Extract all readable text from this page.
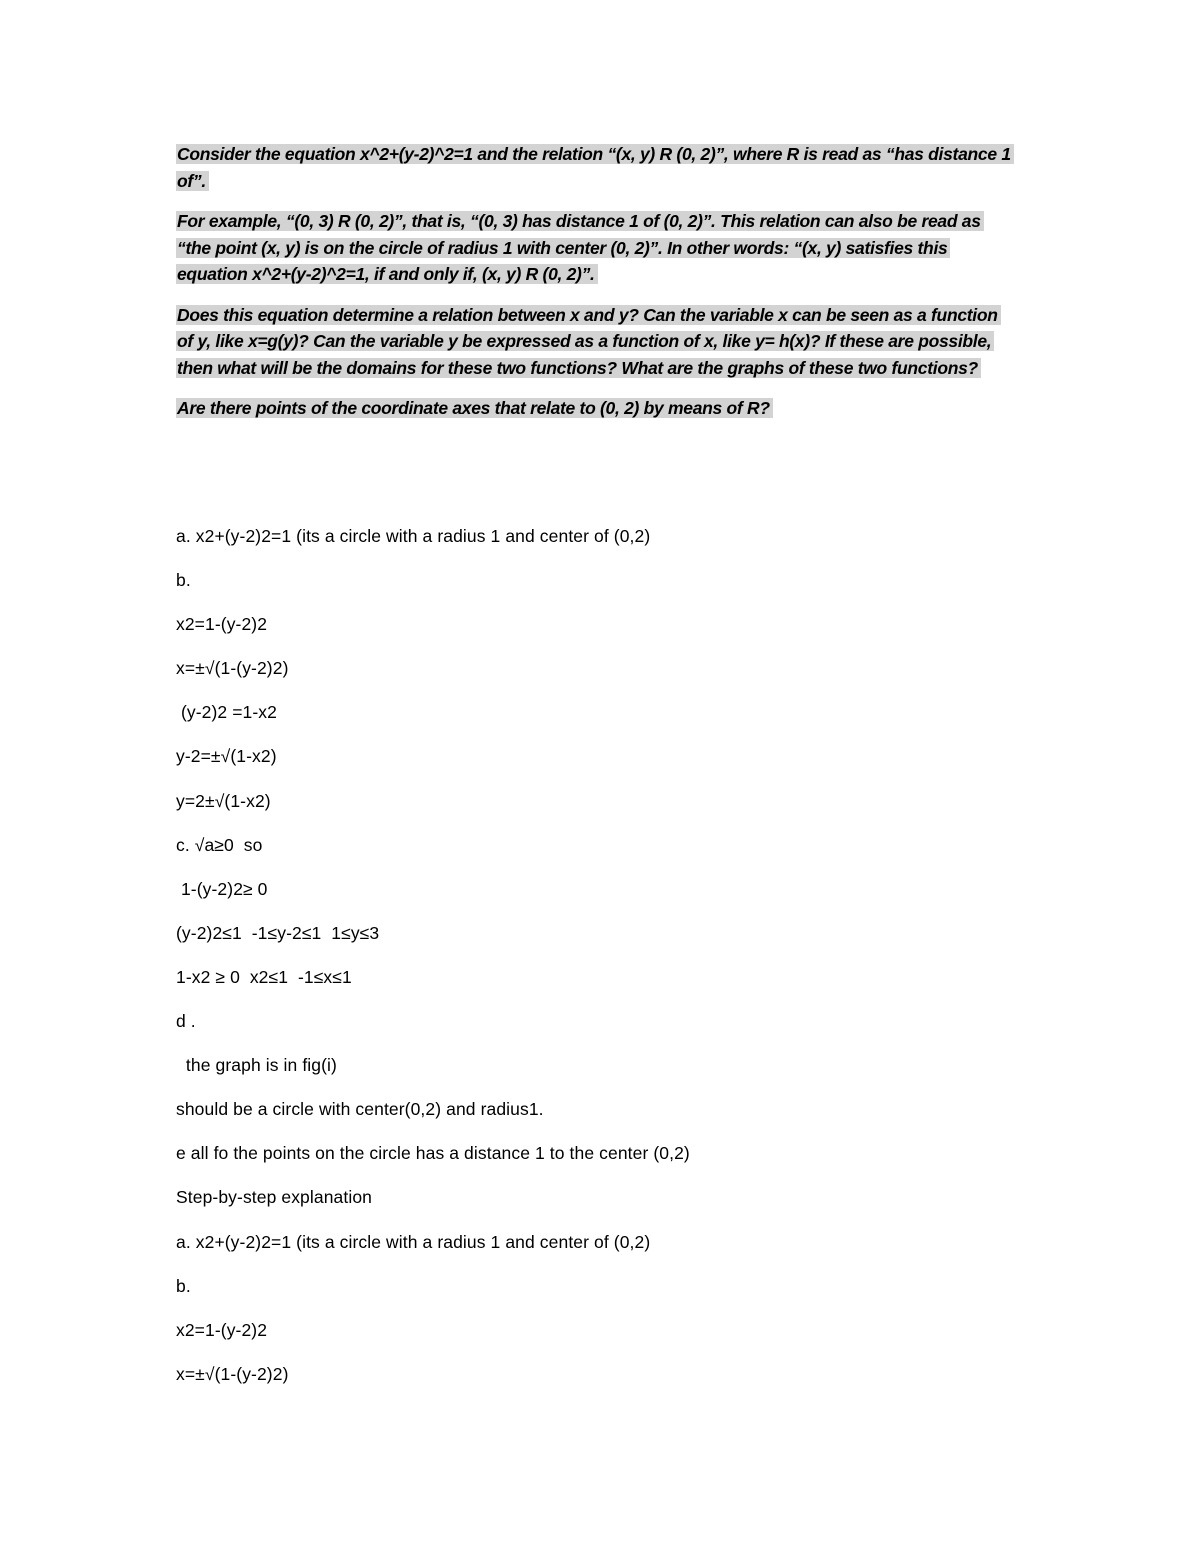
Consider the equation x^2+(y-2)^2=1 and the relation “(x, y) R (0, 2)”, where R is read as “has distance 1
of”.

For example, “(0, 3) R (0, 2)”, that is, “(0, 3) has distance 1 of (0, 2)”. This relation can also be read as
“the point (x, y) is on the circle of radius 1 with center (0, 2)”. In other words: “(x, y) satisfies this
equation x^2+(y-2)^2=1, if and only if, (x, y) R (0, 2)”.

Does this equation determine a relation between x and y? Can the variable x can be seen as a function
of y, like x=g(y)? Can the variable y be expressed as a function of x, like y= h(x)? If these are possible,
then what will be the domains for these two functions? What are the graphs of these two functions?

Are there points of the coordinate axes that relate to (0, 2) by means of R?

a. x2+(y-2)2=1 (its a circle with a radius 1 and center of (0,2)

b.

x2=1-(y-2)2

x=±√(1-(y-2)2)

(y-2)2 =1-x2

y-2=±√(1-x2)

y=2±√(1-x2)

c. √a≥0  so

1-(y-2)2≥ 0

(y-2)2≤1  -1≤y-2≤1  1≤y≤3

1-x2 ≥ 0  x2≤1  -1≤x≤1

d .

the graph is in fig(i)

should be a circle with center(0,2) and radius1.

e all fo the points on the circle has a distance 1 to the center (0,2)

Step-by-step explanation

a. x2+(y-2)2=1 (its a circle with a radius 1 and center of (0,2)

b.

x2=1-(y-2)2

x=±√(1-(y-2)2)
